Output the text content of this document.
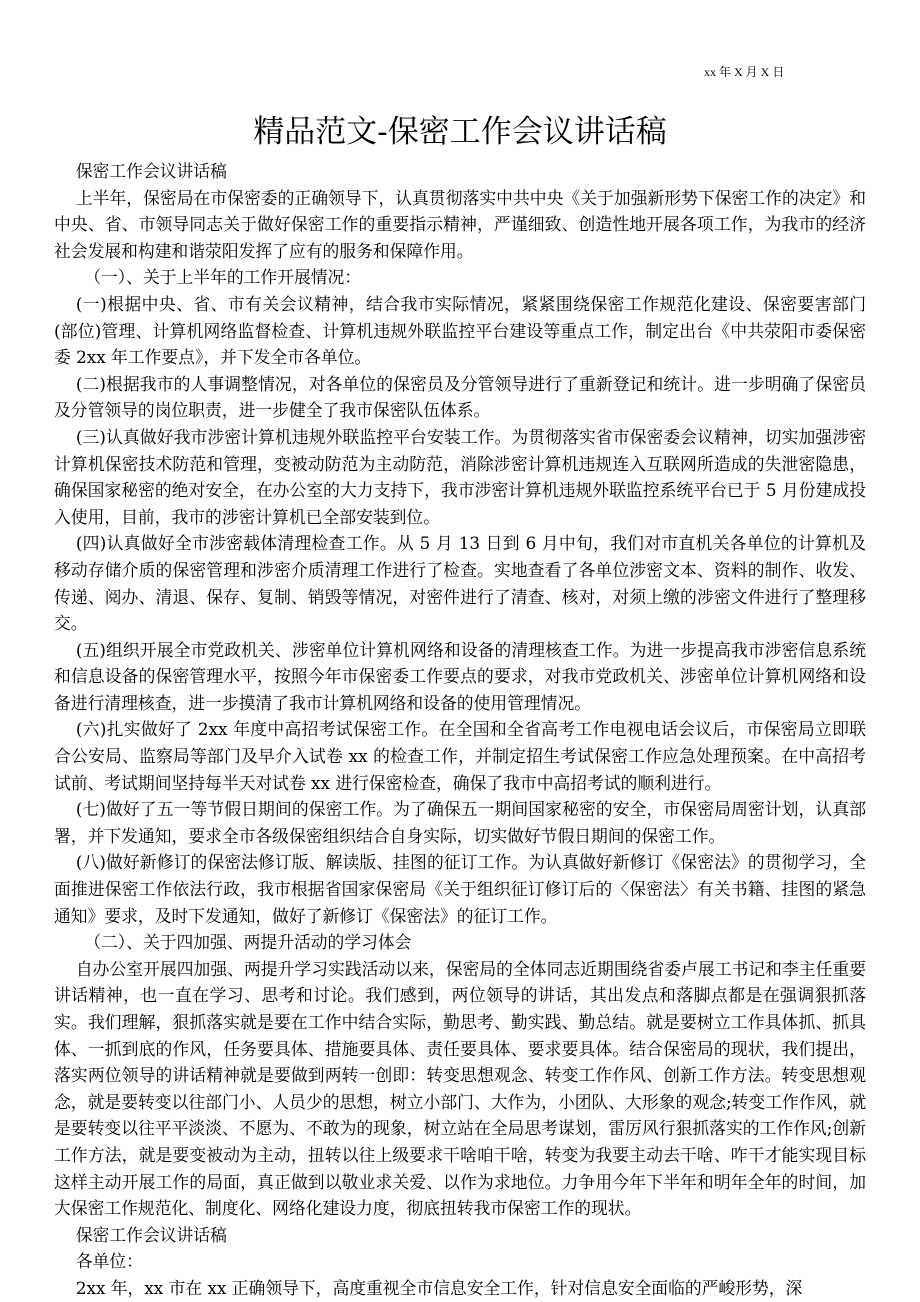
xx 年 X 月 X 日
精品范文-保密工作会议讲话稿

保密工作会议讲话稿

上半年，保密局在市保密委的正确领导下，认真贯彻落实中共中央《关于加强新形势下保密工作的决定》和中央、省、市领导同志关于做好保密工作的重要指示精神，严谨细致、创造性地开展各项工作，为我市的经济社会发展和构建和谐荥阳发挥了应有的服务和保障作用。

（一）、关于上半年的工作开展情况：

(一)根据中央、省、市有关会议精神，结合我市实际情况，紧紧围绕保密工作规范化建设、保密要害部门(部位)管理、计算机网络监督检查、计算机违规外联监控平台建设等重点工作，制定出台《中共荥阳市委保密委 2xx 年工作要点》，并下发全市各单位。

(二)根据我市的人事调整情况，对各单位的保密员及分管领导进行了重新登记和统计。进一步明确了保密员及分管领导的岗位职责，进一步健全了我市保密队伍体系。

(三)认真做好我市涉密计算机违规外联监控平台安装工作。为贯彻落实省市保密委会议精神，切实加强涉密计算机保密技术防范和管理，变被动防范为主动防范，消除涉密计算机违规连入互联网所造成的失泄密隐患，确保国家秘密的绝对安全，在办公室的大力支持下，我市涉密计算机违规外联监控系统平台已于 5 月份建成投入使用，目前，我市的涉密计算机已全部安装到位。

(四)认真做好全市涉密载体清理检查工作。从 5 月 13 日到 6 月中旬，我们对市直机关各单位的计算机及移动存储介质的保密管理和涉密介质清理工作进行了检查。实地查看了各单位涉密文本、资料的制作、收发、传递、阅办、清退、保存、复制、销毁等情况，对密件进行了清查、核对，对须上缴的涉密文件进行了整理移交。

(五)组织开展全市党政机关、涉密单位计算机网络和设备的清理核查工作。为进一步提高我市涉密信息系统和信息设备的保密管理水平，按照今年市保密委工作要点的要求，对我市党政机关、涉密单位计算机网络和设备进行清理核查，进一步摸清了我市计算机网络和设备的使用管理情况。

(六)扎实做好了 2xx 年度中高招考试保密工作。在全国和全省高考工作电视电话会议后，市保密局立即联合公安局、监察局等部门及早介入试卷 xx 的检查工作，并制定招生考试保密工作应急处理预案。在中高招考试前、考试期间坚持每半天对试卷 xx 进行保密检查，确保了我市中高招考试的顺利进行。

(七)做好了五一等节假日期间的保密工作。为了确保五一期间国家秘密的安全，市保密局周密计划，认真部署，并下发通知，要求全市各级保密组织结合自身实际，切实做好节假日期间的保密工作。

(八)做好新修订的保密法修订版、解读版、挂图的征订工作。为认真做好新修订《保密法》的贯彻学习，全面推进保密工作依法行政，我市根据省国家保密局《关于组织征订修订后的〈保密法〉有关书籍、挂图的紧急通知》要求，及时下发通知，做好了新修订《保密法》的征订工作。

（二）、关于四加强、两提升活动的学习体会

自办公室开展四加强、两提升学习实践活动以来，保密局的全体同志近期围绕省委卢展工书记和李主任重要讲话精神，也一直在学习、思考和讨论。我们感到，两位领导的讲话，其出发点和落脚点都是在强调狠抓落实。我们理解，狠抓落实就是要在工作中结合实际，勤思考、勤实践、勤总结。就是要树立工作具体抓、抓具体、一抓到底的作风，任务要具体、措施要具体、责任要具体、要求要具体。结合保密局的现状，我们提出，落实两位领导的讲话精神就是要做到两转一创即：转变思想观念、转变工作作风、创新工作方法。转变思想观念，就是要转变以往部门小、人员少的思想，树立小部门、大作为，小团队、大形象的观念;转变工作作风，就是要转变以往平平淡淡、不愿为、不敢为的现象，树立站在全局思考谋划，雷厉风行狠抓落实的工作作风;创新工作方法，就是要变被动为主动，扭转以往上级要求干啥咱干啥，转变为我要主动去干啥、咋干才能实现目标这样主动开展工作的局面，真正做到以敬业求关爱、以作为求地位。力争用今年下半年和明年全年的时间，加大保密工作规范化、制度化、网络化建设力度，彻底扭转我市保密工作的现状。

保密工作会议讲话稿

各单位：

2xx 年，xx 市在 xx 正确领导下，高度重视全市信息安全工作，针对信息安全面临的严峻形势，深
